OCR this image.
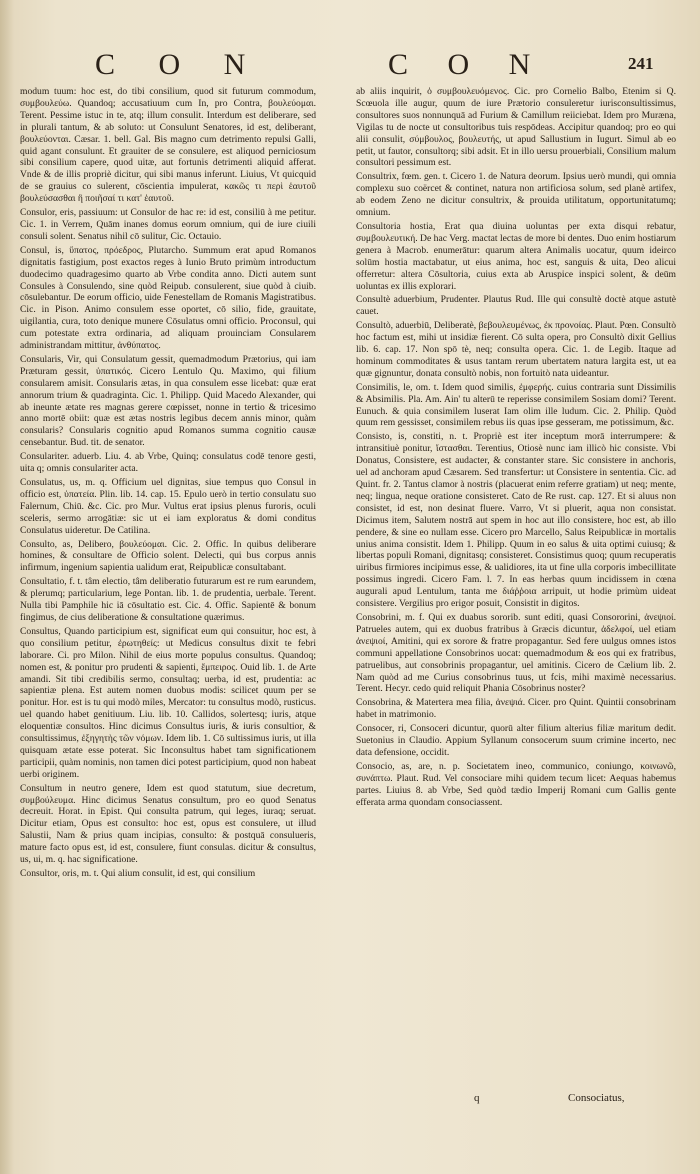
C O N	C O N	241

modum tuum: hoc est, do tibi consilium, quod sit futurum commodum, συμβουλεύω. Quandoq; accusatiuum cum In, pro Contra, βουλεύομαι. Terent. Pessime istuc in te, atq; illum consulit. Interdum est deliberare, sed in plurali tantum, & ab soluto: ut Consulunt Senatores, id est, deliberant, βουλεύονται. Cæsar. 1. bell. Gal. Bis magno cum detrimento repulsi Galli, quid agant consulunt. Et grauiter de se consulere, est aliquod perniciosum sibi consilium capere, quod uitæ, aut fortunis detrimenti aliquid afferat. Vnde & de illis propriè dicitur, qui sibi manus inferunt. Liuius, Vt quicquid de se grauius co sulerent, cōscientia impulerat, κακῶς τι περὶ ἑαυτοῦ βουλεύσασθαι ἢ ποιῆσαί τι κατ' ἑαυτοῦ.

Consulor, eris, passiuum: ut Consulor de hac re: id est, consiliū à me petitur. Cic. 1. in Verrem, Quām inanes domus eorum omnium, qui de iure ciuili consuli solent. Senatus nihil cō sulitur, Cic. Octauio.

Consul, is, ὕπατος, πρόεδρος, Plutarcho. Summum erat apud Romanos dignitatis fastigium, post exactos reges à Iunio Bruto primùm introductum duodecimo quadragesimo quarto ab Vrbe condita anno. Dicti autem sunt Consules à Consulendo, sine quòd Reipub. consulerent, siue quòd à ciuib. cōsulebantur. De eorum officio, uide Fenestellam de Romanis Magistratibus. Cic. in Pison. Animo consulem esse oportet, cō silio, fide, grauitate, uigilantia, cura, toto denique munere Cōsulatus omni officio. Proconsul, qui cum potestate extra ordinaria, ad aliquam prouinciam Consularem administrandam mittitur, ἀνθύπατος.

Consularis, Vir, qui Consulatum gessit, quemadmodum Prætorius, qui iam Præturam gessit, ὑπατικός. Cicero Lentulo Qu. Maximo, qui filium consularem amisit. Consularis ætas, in qua consulem esse licebat: quæ erat annorum trium & quadraginta. Cic. 1. Philipp. Quid Macedo Alexander, qui ab ineunte ætate res magnas gerere cœpisset, nonne in tertio & tricesimo anno mortē obiit: quæ est ætas nostris legibus decem annis minor, quàm consularis? Consularis cognitio apud Romanos summa cognitio causæ censebantur. Bud. tit. de senator.

Consulariter. aduerb. Liu. 4. ab Vrbe, Quinq; consulatus codē tenore gesti, uita q; omnis consulariter acta.

Consulatus, us, m. q. Officium uel dignitas, siue tempus quo Consul in officio est, ὑπατεία. Plin. lib. 14. cap. 15. Epulo uerò in tertio consulatu suo Falernum, Chiū. &c. Cic. pro Mur. Vultus erat ipsius plenus furoris, oculi sceleris, sermo arrogātiæ: sic ut ei iam exploratus & domi conditus Consulatus uideretur. De Catilina.

Consulto, as, Delibero, βουλεύομαι. Cic. 2. Offic. In quibus deliberare homines, & consultare de Officio solent. Delecti, qui bus corpus annis infirmum, ingenium sapientia ualidum erat, Reipublicæ consultabant.

Consultatio, f. t. tâm electio, tâm deliberatio futurarum est re rum earundem, & plerumq; particularium, lege Pontan. lib. 1. de prudentia, uerbale. Terent. Nulla tibi Pamphile hic iā cōsultatio est. Cic. 4. Offic. Sapientē & bonum fingimus, de cius deliberatione & consultatione quærimus.

Consultus, Quando participium est, significat eum qui consuitur, hoc est, à quo consilium petitur, ἐρωτηθείς: ut Medicus consultus dixit te febri laborare. Ci. pro Milon. Nihil de eius morte populus consultus. Quandoq; nomen est, & ponitur pro prudenti & sapienti, ἔμπειρος. Ouid lib. 1. de Arte amandi. Sit tibi credibilis sermo, consultaq; uerba, id est, prudentia: ac sapientiæ plena. Est autem nomen duobus modis: scilicet quum per se ponitur. Hor. est is tu qui modò miles, Mercator: tu consultus modò, rusticus. uel quando habet genitiuum. Liu. lib. 10. Callidos, solertesq; iuris, atque eloquentiæ consultos. Hinc dicimus Consultus iuris, & iuris consultior, & consultissimus, ἐξηγητὴς τῶν νόμων. Idem lib. 1. Cō sultissimus iuris, ut illa quisquam ætate esse poterat. Sic Inconsultus habet tam significationem participii, quàm nominis, non tamen dici potest participium, quod non habeat uerbi originem.

Consultum in neutro genere, Idem est quod statutum, siue decretum, συμβούλευμα. Hinc dicimus Senatus consultum, pro eo quod Senatus decreuit. Horat. in Epist. Qui consulta patrum, qui leges, iuraq; seruat. Dicitur etiam, Opus est consulto: hoc est, opus est consulere, ut illud Salustii, Nam & prius quam incipias, consulto: & postquā consulueris, mature facto opus est, id est, consulere, fiunt consulas. dicitur & consultus, us, ui, m. q. hac significatione.

Consultor, oris, m. t. Qui alium consulit, id est, qui consilium

ab aliis inquirit, ὁ συμβουλευόμενος. Cic. pro Cornelio Balbo, Etenim si Q. Scœuola ille augur, quum de iure Prætorio consuleretur iurisconsultissimus, consultores suos nonnunquā ad Furium & Camillum reiiciebat. Idem pro Muræna, Vigilas tu de nocte ut consultoribus tuis respōdeas. Accipitur quandoq; pro eo qui alii consulit, σύμβουλος, βουλευτής, ut apud Sallustium in Iugurt. Simul ab eo petit, ut fautor, consultorq; sibi adsit. Et in illo uersu prouerbiali, Consilium malum consultori pessimum est.

Consultrix, fœm. gen. t. Cicero 1. de Natura deorum. Ipsius uerò mundi, qui omnia complexu suo coërcet & continet, natura non artificiosa solum, sed planè artifex, ab eodem Zeno ne dicitur consultrix, & prouida utilitatum, opportunitatumq; omnium.

Consultoria hostia, Erat qua diuina uoluntas per exta disqui rebatur, συμβουλευτική. De hac Verg. mactat lectas de more bi dentes. Duo enim hostiarum genera à Macrob. enumerātur: quarum altera Animalis uocatur, quum ideirco solūm hostia mactabatur, ut eius anima, hoc est, sanguis & uita, Deo alicui offerretur: altera Cōsultoria, cuius exta ab Aruspice inspici solent, & deūm uoluntas ex illis explorari.

Consultè aduerbium, Prudenter. Plautus Rud. Ille qui consultè doctè atque astutè cauet.

Consultò, aduerbiū, Deliberatè, βεβουλευμένως, ἐκ προνοίας. Plaut. Pœn. Consultò hoc factum est, mihi ut insidiæ fierent. Cō sulta opera, pro Consultò dixit Gellius lib. 6. cap. 17. Non spō tè, neq; consulta opera. Cic. 1. de Legib. Itaque ad hominum commoditates & usus tantam rerum ubertatem natura largita est, ut ea quæ gignuntur, donata consultò nobis, non fortuitò nata uideantur.

Consimilis, le, om. t. Idem quod similis, ἐμφερής. cuius contraria sunt Dissimilis & Absimilis. Pla. Am. Ain' tu alterū te reperisse consimilem Sosiam domi? Terent. Eunuch. & quia consimilem luserat Iam olim ille ludum. Cic. 2. Philip. Quòd quum rem gessisset, consimilem rebus iis quas ipse gesseram, me potissimum, &c.

Consisto, is, constiti, n. t. Propriè est iter inceptum morā interrumpere: & intransitiuè ponitur, ἵστασθαι. Terentius, Otiosè nunc iam illicò hic consiste. Vbi Donatus, Consistere, est audacter, & constanter stare. Sic consistere in anchoris, uel ad anchoram apud Cæsarem. Sed transfertur: ut Consistere in sententia. Cic. ad Quint. fr. 2. Tantus clamor à nostris (placuerat enim referre gratiam) ut neq; mente, neq; lingua, neque oratione consisteret. Cato de Re rust. cap. 127. Et si aluus non consistet, id est, non desinat fluere. Varro, Vt si pluerit, aqua non consistat. Dicimus item, Salutem nostrā aut spem in hoc aut illo consistere, hoc est, ab illo pendere, & sine eo nullam esse. Cicero pro Marcello, Salus Reipublicæ in mortalis unius anima consistit. Idem 1. Philipp. Quum in eo salus & uita optimi cuiusq; & libertas populi Romani, dignitasq; consisteret. Consistimus quoq; quum recuperatis uiribus firmiores incipimus esse, & ualidiores, ita ut fine ulla corporis imbecillitate possimus ingredi. Cicero Fam. l. 7. In eas herbas quum incidissem in cœna augurali apud Lentulum, tanta me διάῤῥοια arripuit, ut hodie primùm uideat consistere. Vergilius pro erigor posuit, Consistit in digitos.

Consobrini, m. f. Qui ex duabus sororib. sunt editi, quasi Consororini, ἀνεψιοί. Patrueles autem, qui ex duobus fratribus à Græcis dicuntur, ἀδελφοί, uel etiam ἀνεψιοί, Amitini, qui ex sorore & fratre propagantur. Sed fere uulgus omnes istos communi appellatione Consobrinos uocat: quemadmodum & eos qui ex fratribus, patruelibus, aut consobrinis propagantur, uel amitinis. Cicero de Cælium lib. 2. Nam quòd ad me Curius consobrinus tuus, ut fcis, mihi maximè necessarius. Terent. Hecyr. cedo quid reliquit Phania Cōsobrinus noster?

Consobrina, & Matertera mea filia, ἀνεψιά. Cicer. pro Quint. Quintii consobrinam habet in matrimonio.

Consocer, ri, Consoceri dicuntur, quorū alter filium alterius filiæ maritum dedit. Suetonius in Claudio. Appium Syllanum consocerum suum crimine incerto, nec data defensione, occidit.

Consocio, as, are, n. p. Societatem ineo, communico, coniungo, κοινωνῶ, συνάπτω. Plaut. Rud. Vel consociare mihi quidem tecum licet: Aequas habemus partes. Liuius 8. ab Vrbe, Sed quòd tædio Imperij Romani cum Gallis gente efferata arma quondam consociassent.

q	Consociatus,
